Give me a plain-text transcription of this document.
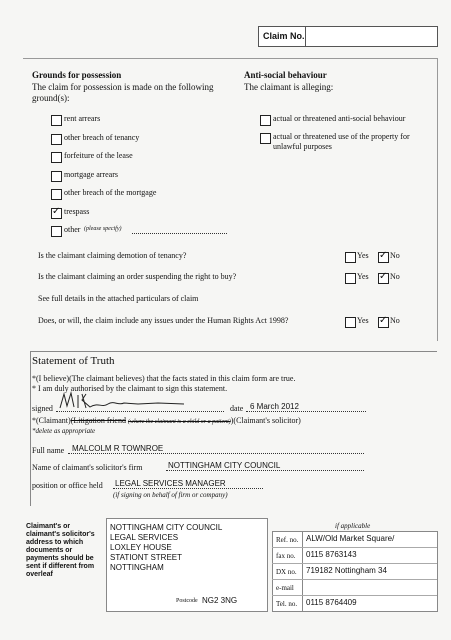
Claim No.
Grounds for possession
The claim for possession is made on the following ground(s):
rent arrears
other breach of tenancy
forfeiture of the lease
mortgage arrears
other breach of the mortgage
✓
trespass
other (please specify)
Anti-social behaviour
The claimant is alleging:
actual or threatened anti-social behaviour
actual or threatened use of the property for unlawful purposes
Is the claimant claiming demotion of tenancy?	Yes ✓	No
Is the claimant claiming an order suspending the right to buy?	Yes ✓	No
See full details in the attached particulars of claim
Does, or will, the claim include any issues under the Human Rights Act 1998?	Yes ✓	No
Statement of Truth
*(I believe)(The claimant believes) that the facts stated in this claim form are true.
* I am duly authorised by the claimant to sign this statement.
signed	date 6 March 2012
*(Claimant)(Litigation friend (where the claimant is a child or a patient))(Claimant's solicitor)
*delete as appropriate
Full name MALCOLM R TOWNROE
Name of claimant's solicitor's firm	NOTTINGHAM CITY COUNCIL
position or office held LEGAL SERVICES MANAGER
(if signing on behalf of firm or company)
Claimant's or claimant's solicitor's address to which documents or payments should be sent if different from overleaf
NOTTINGHAM CITY COUNCIL
LEGAL SERVICES
LOXLEY HOUSE
STATIONT STREET
NOTTINGHAM
Postcode NG2 3NG
if applicable
Ref. no. ALW/Old Market Square/
fax no. 0115 8763143
DX no. 719182 Nottingham 34
e-mail
Tel. no. 0115 8764409
